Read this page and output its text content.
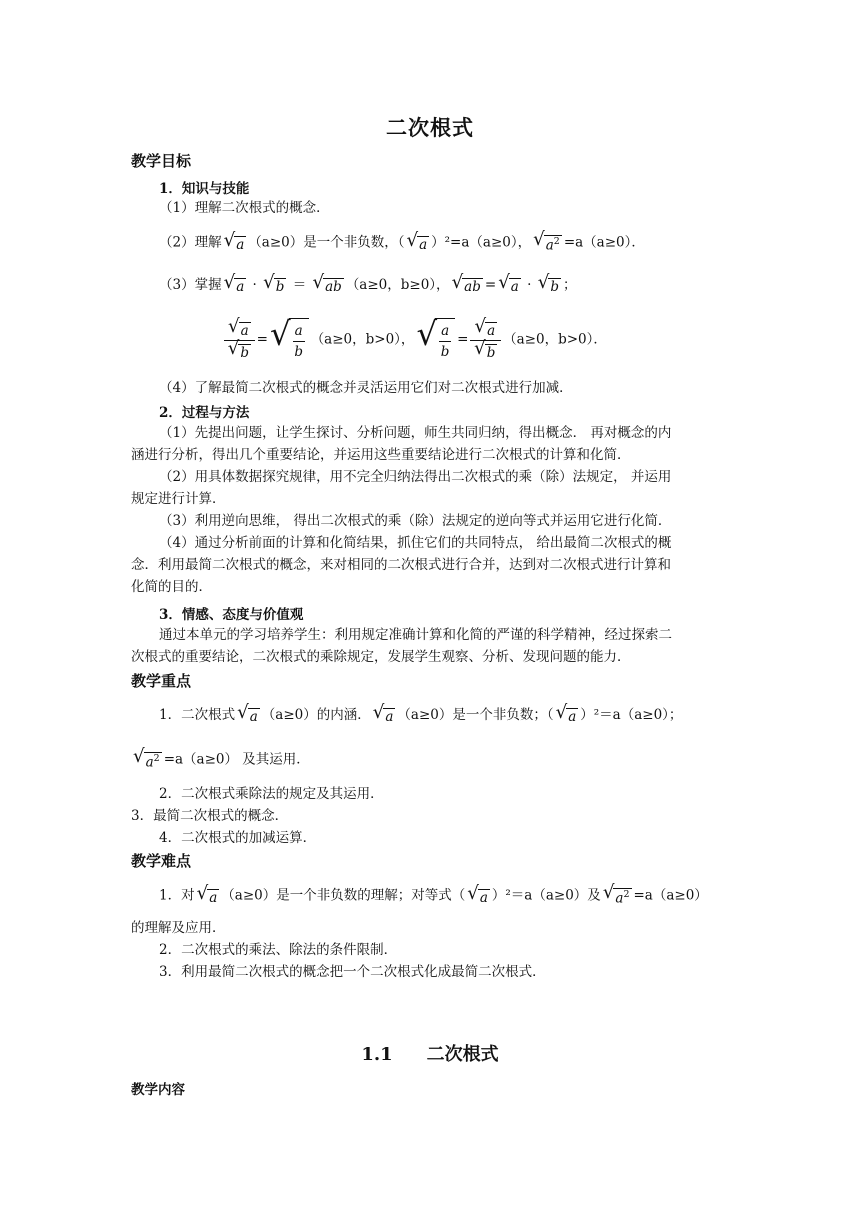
二次根式
教学目标
1．知识与技能
（1）理解二次根式的概念．
（2）理解 √ a （a≥0）是一个非负数，（ √ a ）²=a（a≥0）， √ $a^2 =a(a\ge 0)$．
（3）掌握 √ a · √ b ＝ √ ab （a≥0，b≥0）， √ ab = √ a · √ b ；
$\frac{√ a}{√ b}$ = √ $\frac{a}{b} (a\ge 0$，b>0）， √ $\frac{a}{b} = \frac{√ a}{√ b} (a\ge 0$，b>0）．
（4）了解最简二次根式的概念并灵活运用它们对二次根式进行加减．
2．过程与方法
（1）先提出问题，让学生探讨、分析问题，师生共同归纳，得出概念． 再对概念的内
涵进行分析，得出几个重要结论，并运用这些重要结论进行二次根式的计算和化简．
（2）用具体数据探究规律，用不完全归纳法得出二次根式的乘（除）法规定， 并运用
规定进行计算．
（3）利用逆向思维， 得出二次根式的乘（除）法规定的逆向等式并运用它进行化简．
（4）通过分析前面的计算和化简结果，抓住它们的共同特点， 给出最简二次根式的概
念．利用最简二次根式的概念，来对相同的二次根式进行合并，达到对二次根式进行计算和
化简的目的．
3．情感、态度与价值观
通过本单元的学习培养学生：利用规定准确计算和化简的严谨的科学精神，经过探索二
次根式的重要结论，二次根式的乘除规定，发展学生观察、分析、发现问题的能力．
教学重点
1．二次根式 √ a （a≥0）的内涵． √ a （a≥0）是一个非负数；（ √ a ）²＝a（a≥0）；
√ $a^2 =a(a\ge 0)$ 及其运用．
2．二次根式乘除法的规定及其运用．
3．最简二次根式的概念．
4．二次根式的加减运算．
教学难点
1．对 √ a （a≥0）是一个非负数的理解；对等式（ √ a ）²＝a（a≥0）及 √ $a^2 =a(a\ge 0)$
的理解及应用．
2．二次根式的乘法、除法的条件限制．
3．利用最简二次根式的概念把一个二次根式化成最简二次根式．
1.1 二次根式
教学内容
